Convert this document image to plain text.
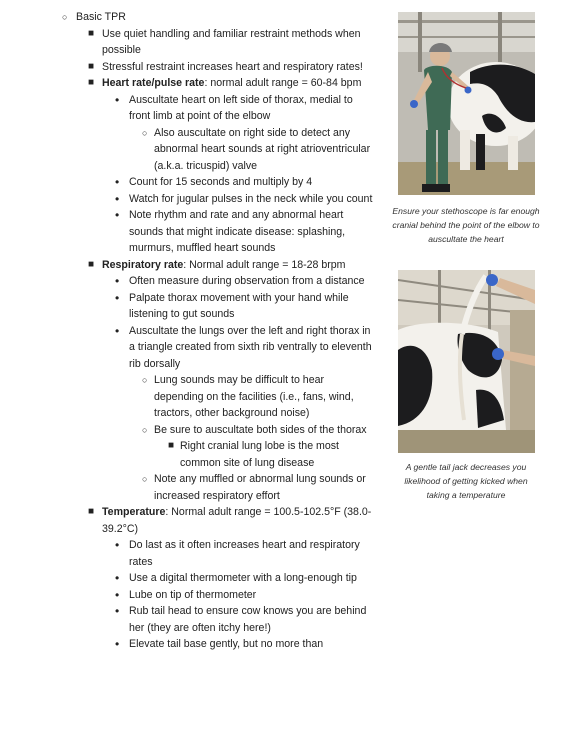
○ Basic TPR
■ Use quiet handling and familiar restraint methods when possible
■ Stressful restraint increases heart and respiratory rates!
■ Heart rate/pulse rate: normal adult range = 60-84 bpm
• Auscultate heart on left side of thorax, medial to front limb at point of the elbow
○ Also auscultate on right side to detect any abnormal heart sounds at right atrioventricular (a.k.a. tricuspid) valve
• Count for 15 seconds and multiply by 4
• Watch for jugular pulses in the neck while you count
• Note rhythm and rate and any abnormal heart sounds that might indicate disease: splashing, murmurs, muffled heart sounds
■ Respiratory rate: Normal adult range = 18-28 brpm
• Often measure during observation from a distance
• Palpate thorax movement with your hand while listening to gut sounds
• Auscultate the lungs over the left and right thorax in a triangle created from sixth rib ventrally to eleventh rib dorsally
○ Lung sounds may be difficult to hear depending on the facilities (i.e., fans, wind, tractors, other background noise)
○ Be sure to auscultate both sides of the thorax
■ Right cranial lung lobe is the most common site of lung disease
○ Note any muffled or abnormal lung sounds or increased respiratory effort
■ Temperature: Normal adult range = 100.5-102.5°F (38.0-39.2°C)
• Do last as it often increases heart and respiratory rates
• Use a digital thermometer with a long-enough tip
• Lube on tip of thermometer
• Rub tail head to ensure cow knows you are behind her (they are often itchy here!)
• Elevate tail base gently, but no more than
Ensure your stethoscope is far enough cranial behind the point of the elbow to auscultate the heart
A gentle tail jack decreases you likelihood of getting kicked when taking a temperature
